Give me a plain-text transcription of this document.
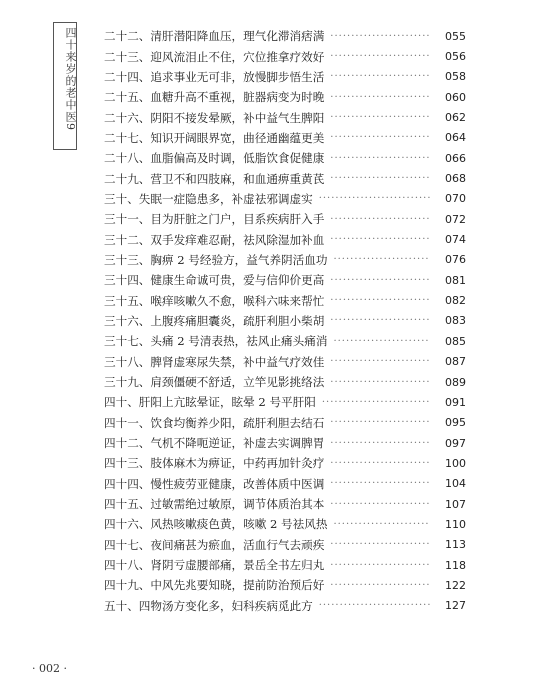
四十来岁的老中医9 二十二、清肝潜阳降血压，理气化滞消痞满 ·····	055
二十三、迎风流泪止不住，穴位推拿疗效好 ·····	056
二十四、追求事业无可非，放慢脚步悟生活 ·····	058
二十五、血糖升高不重视，脏器病变为时晚 ·····	060
二十六、阴阳不接发晕厥，补中益气生脾阳 ·····	062
二十七、知识开阔眼界宽，曲径通幽蕴更美 ·····	064
二十八、血脂偏高及时调，低脂饮食促健康 ·····	066
二十九、营卫不和四肢麻，和血通痹重黄芪 ·····	068
三十、失眠一症隐患多，补虚祛邪调虚实 ·····	070
三十一、目为肝脏之门户，目系疾病肝入手 ·····	072
三十二、双手发痒难忍耐，祛风除湿加补血 ·····	074
三十三、胸痹 2 号经验方，益气养阴活血功 ·····	076
三十四、健康生命诚可贵，爱与信仰价更高 ·····	081
三十五、喉痒咳嗽久不愈，喉科六味来帮忙 ·····	082
三十六、上腹疼痛胆囊炎，疏肝利胆小柴胡 ·····	083
三十七、头痛 2 号清表热，祛风止痛头痛消 ·····	085
三十八、脾肾虚寒尿失禁，补中益气疗效佳 ·····	087
三十九、肩颈僵硬不舒适，立竿见影挑络法 ·····	089
四十、肝阳上亢眩晕证，眩晕 2 号平肝阳 ·····	091
四十一、饮食均衡养少阳，疏肝利胆去结石 ·····	095
四十二、气机不降呃逆证，补虚去实调脾胃 ·····	097
四十三、肢体麻木为痹证，中药再加针灸疗 ·····	100
四十四、慢性疲劳亚健康，改善体质中医调 ·····	104
四十五、过敏需绝过敏原，调节体质治其本 ·····	107
四十六、风热咳嗽痰色黄，咳嗽 2 号祛风热 ·····	110
四十七、夜间痛甚为瘀血，活血行气去顽疾 ·····	113
四十八、肾阴亏虚腰部痛，景岳全书左归丸 ·····	118
四十九、中风先兆要知晓，提前防治预后好 ·····	122
五十、四物汤方变化多，妇科疾病觅此方 ·····	127
· 002 ·
